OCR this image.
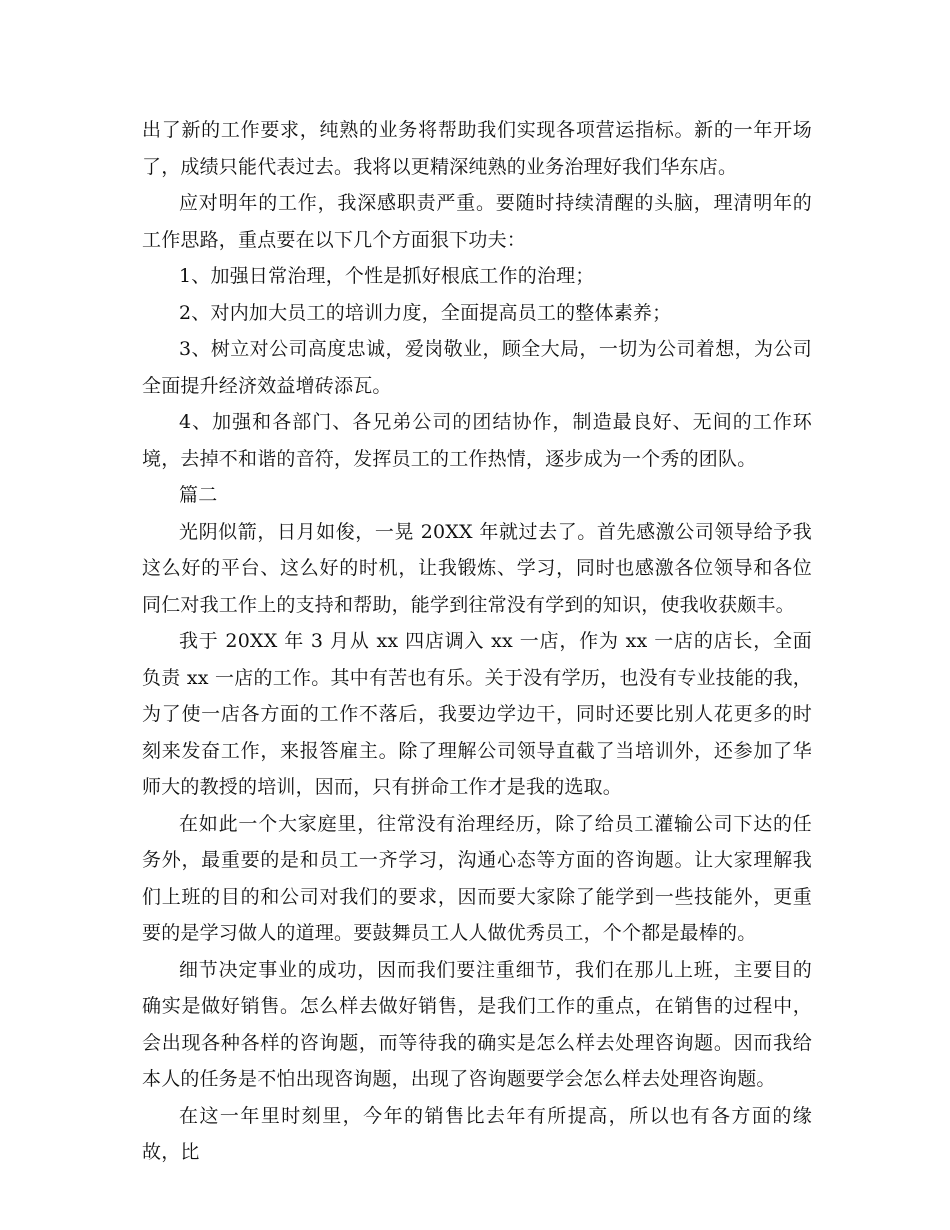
出了新的工作要求，纯熟的业务将帮助我们实现各项营运指标。新的一年开场了，成绩只能代表过去。我将以更精深纯熟的业务治理好我们华东店。

应对明年的工作，我深感职责严重。要随时持续清醒的头脑，理清明年的工作思路，重点要在以下几个方面狠下功夫：

1、加强日常治理，个性是抓好根底工作的治理；

2、对内加大员工的培训力度，全面提高员工的整体素养；

3、树立对公司高度忠诚，爱岗敬业，顾全大局，一切为公司着想，为公司全面提升经济效益增砖添瓦。

4、加强和各部门、各兄弟公司的团结协作，制造最良好、无间的工作环境，去掉不和谐的音符，发挥员工的工作热情，逐步成为一个秀的团队。

篇二

光阴似箭，日月如俊，一晃 20XX 年就过去了。首先感激公司领导给予我这么好的平台、这么好的时机，让我锻炼、学习，同时也感激各位领导和各位同仁对我工作上的支持和帮助，能学到往常没有学到的知识，使我收获颇丰。

我于 20XX 年 3 月从 xx 四店调入 xx 一店，作为 xx 一店的店长，全面负责 xx 一店的工作。其中有苦也有乐。关于没有学历，也没有专业技能的我，为了使一店各方面的工作不落后，我要边学边干，同时还要比别人花更多的时刻来发奋工作，来报答雇主。除了理解公司领导直截了当培训外，还参加了华师大的教授的培训，因而，只有拼命工作才是我的选取。

在如此一个大家庭里，往常没有治理经历，除了给员工灌输公司下达的任务外，最重要的是和员工一齐学习，沟通心态等方面的咨询题。让大家理解我们上班的目的和公司对我们的要求，因而要大家除了能学到一些技能外，更重要的是学习做人的道理。要鼓舞员工人人做优秀员工，个个都是最棒的。

细节决定事业的成功，因而我们要注重细节，我们在那儿上班，主要目的确实是做好销售。怎么样去做好销售，是我们工作的重点，在销售的过程中，会出现各种各样的咨询题，而等待我的确实是怎么样去处理咨询题。因而我给本人的任务是不怕出现咨询题，出现了咨询题要学会怎么样去处理咨询题。

在这一年里时刻里，今年的销售比去年有所提高，所以也有各方面的缘故，比
